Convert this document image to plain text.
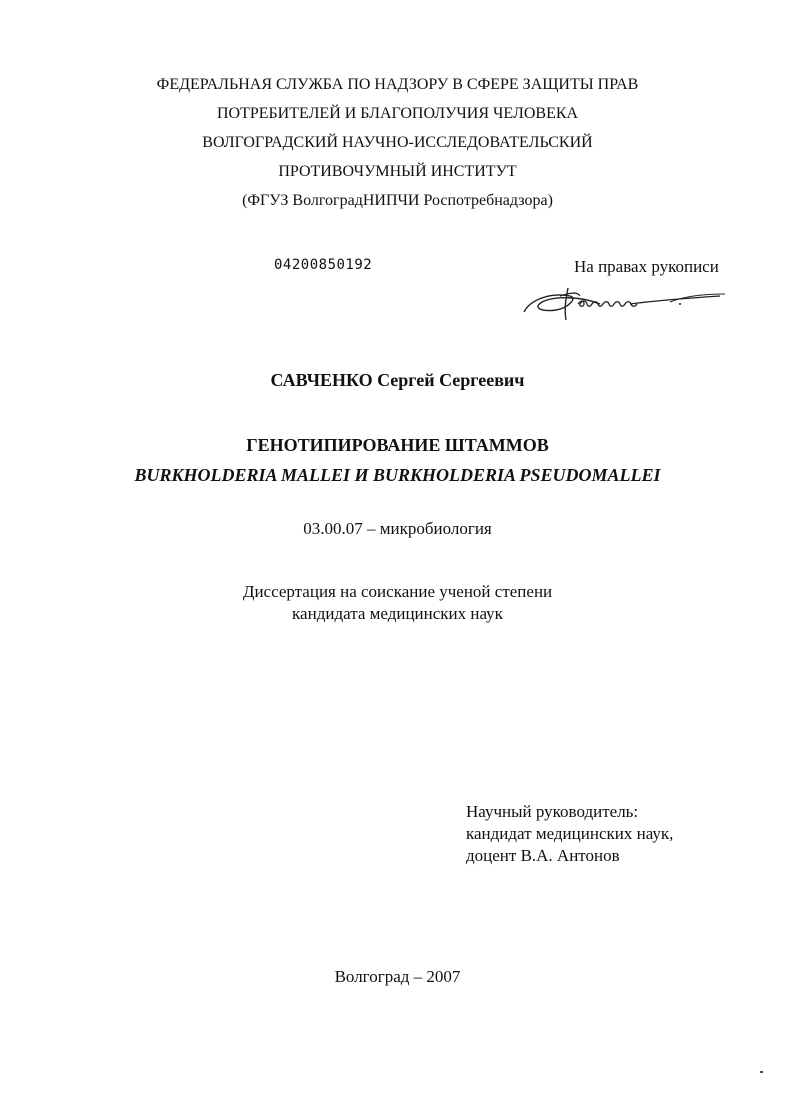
ФЕДЕРАЛЬНАЯ СЛУЖБА ПО НАДЗОРУ В СФЕРЕ ЗАЩИТЫ ПРАВ
ПОТРЕБИТЕЛЕЙ И БЛАГОПОЛУЧИЯ ЧЕЛОВЕКА
ВОЛГОГРАДСКИЙ НАУЧНО-ИССЛЕДОВАТЕЛЬСКИЙ
ПРОТИВОЧУМНЫЙ ИНСТИТУТ
(ФГУЗ ВолгоградНИПЧИ Роспотребнадзора)
04200850192	На правах рукописи
САВЧЕНКО Сергей Сергеевич
ГЕНОТИПИРОВАНИЕ ШТАММОВ
BURKHOLDERIA MALLEI И BURKHOLDERIA PSEUDOMALLEI
03.00.07 – микробиология
Диссертация на соискание ученой степени
кандидата медицинских наук
Научный руководитель:
кандидат медицинских наук,
доцент В.А. Антонов
Волгоград – 2007
